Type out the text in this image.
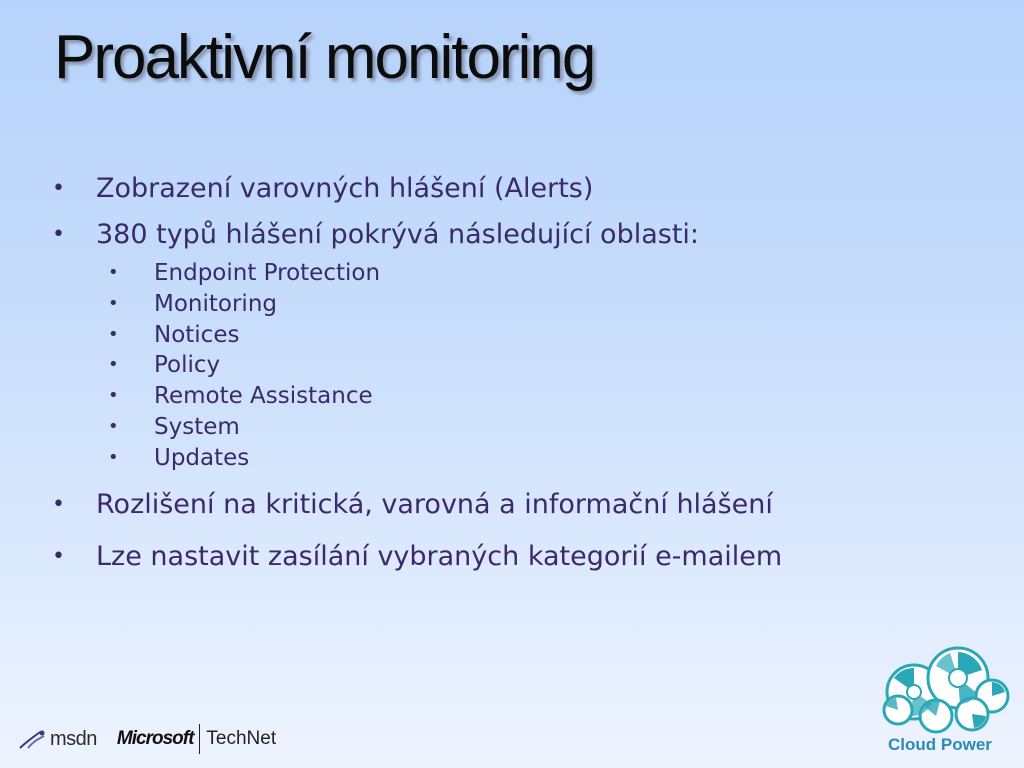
Proaktivní monitoring
• Zobrazení varovných hlášení (Alerts)
• 380 typů hlášení pokrývá následující oblasti:
• Endpoint Protection
• Monitoring
• Notices
• Policy
• Remote Assistance
• System
• Updates
• Rozlišení na kritická, varovná a informační hlášení
• Lze nastavit zasílání vybraných kategorií e-mailem
msdn Microsoft TechNet	Cloud Power
